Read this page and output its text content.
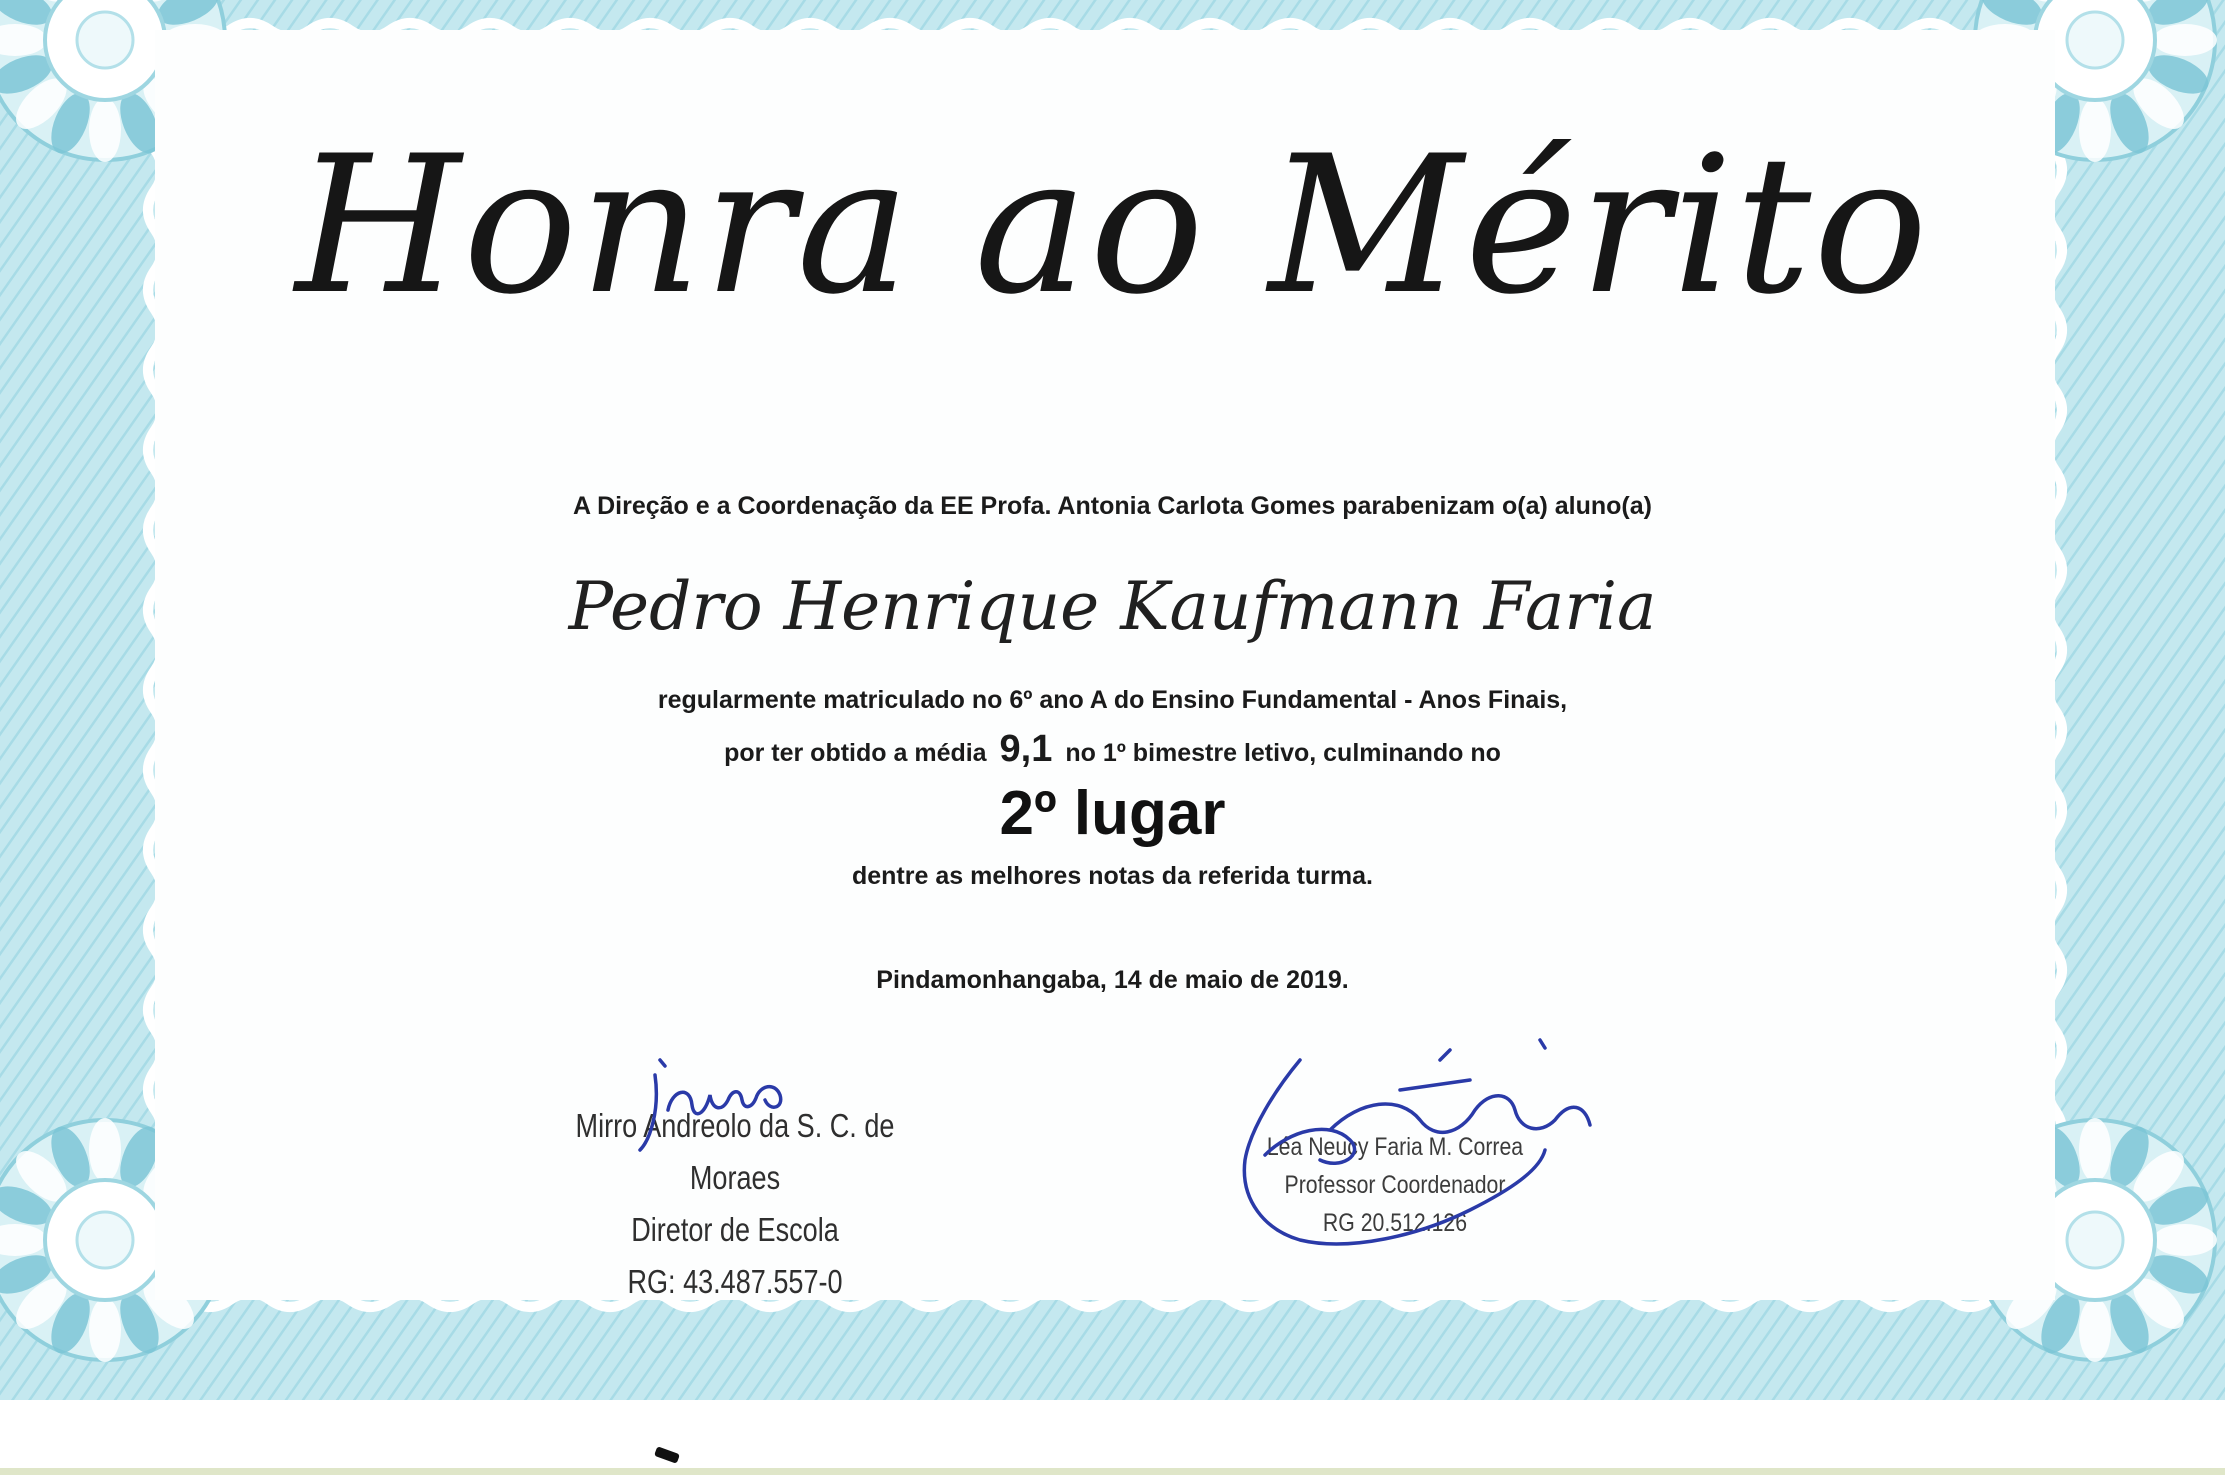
Honra ao Mérito
A Direção e a Coordenação da EE Profa. Antonia Carlota Gomes parabenizam o(a) aluno(a)
Pedro Henrique Kaufmann Faria
regularmente matriculado no 6º ano A do Ensino Fundamental - Anos Finais,
por ter obtido a média 9,1 no 1º bimestre letivo, culminando no
2º lugar
dentre as melhores notas da referida turma.
Pindamonhangaba, 14 de maio de 2019.
Mirro Andreolo da S. C. de Moraes
Diretor de Escola
RG: 43.487.557-0
Léa Neucy Faria M. Correa
Professor Coordenador
RG 20.512.126
